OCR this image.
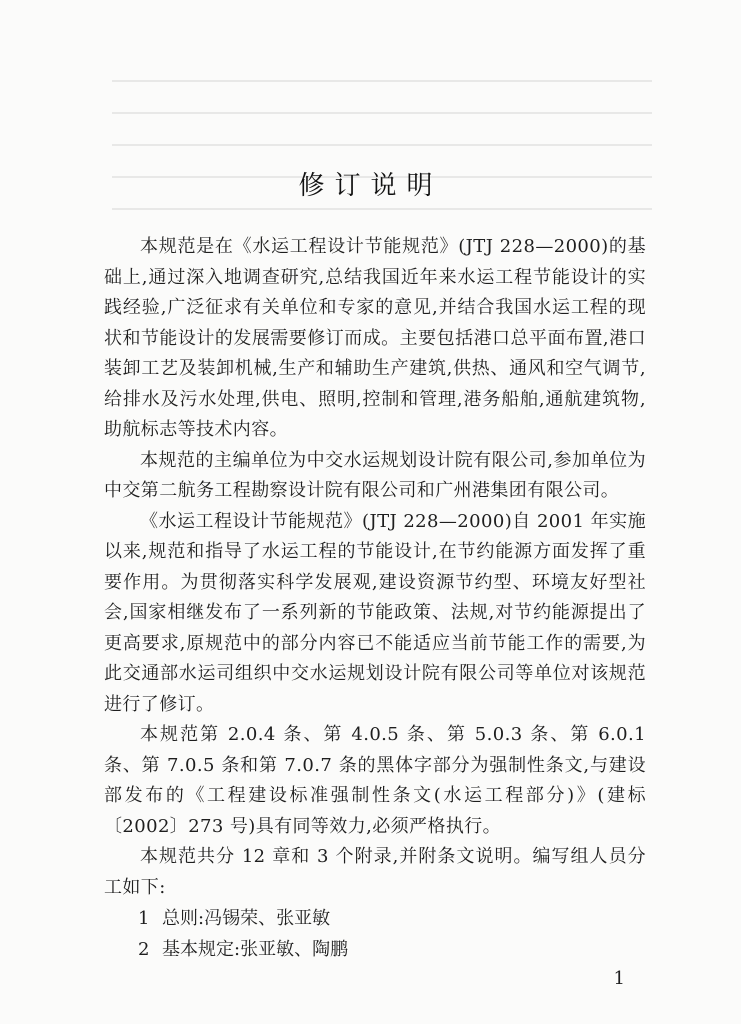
修订说明

本规范是在《水运工程设计节能规范》(JTJ 228—2000)的基础上,通过深入地调查研究,总结我国近年来水运工程节能设计的实践经验,广泛征求有关单位和专家的意见,并结合我国水运工程的现状和节能设计的发展需要修订而成。主要包括港口总平面布置,港口装卸工艺及装卸机械,生产和辅助生产建筑,供热、通风和空气调节,给排水及污水处理,供电、照明,控制和管理,港务船舶,通航建筑物,助航标志等技术内容。

本规范的主编单位为中交水运规划设计院有限公司,参加单位为中交第二航务工程勘察设计院有限公司和广州港集团有限公司。

《水运工程设计节能规范》(JTJ 228—2000)自 2001 年实施以来,规范和指导了水运工程的节能设计,在节约能源方面发挥了重要作用。为贯彻落实科学发展观,建设资源节约型、环境友好型社会,国家相继发布了一系列新的节能政策、法规,对节约能源提出了更高要求,原规范中的部分内容已不能适应当前节能工作的需要,为此交通部水运司组织中交水运规划设计院有限公司等单位对该规范进行了修订。

本规范第 2.0.4 条、第 4.0.5 条、第 5.0.3 条、第 6.0.1 条、第 7.0.5 条和第 7.0.7 条的黑体字部分为强制性条文,与建设部发布的《工程建设标准强制性条文(水运工程部分)》(建标〔2002〕273 号)具有同等效力,必须严格执行。

本规范共分 12 章和 3 个附录,并附条文说明。编写组人员分工如下:

1 总则:冯锡荣、张亚敏

2 基本规定:张亚敏、陶鹏

1
